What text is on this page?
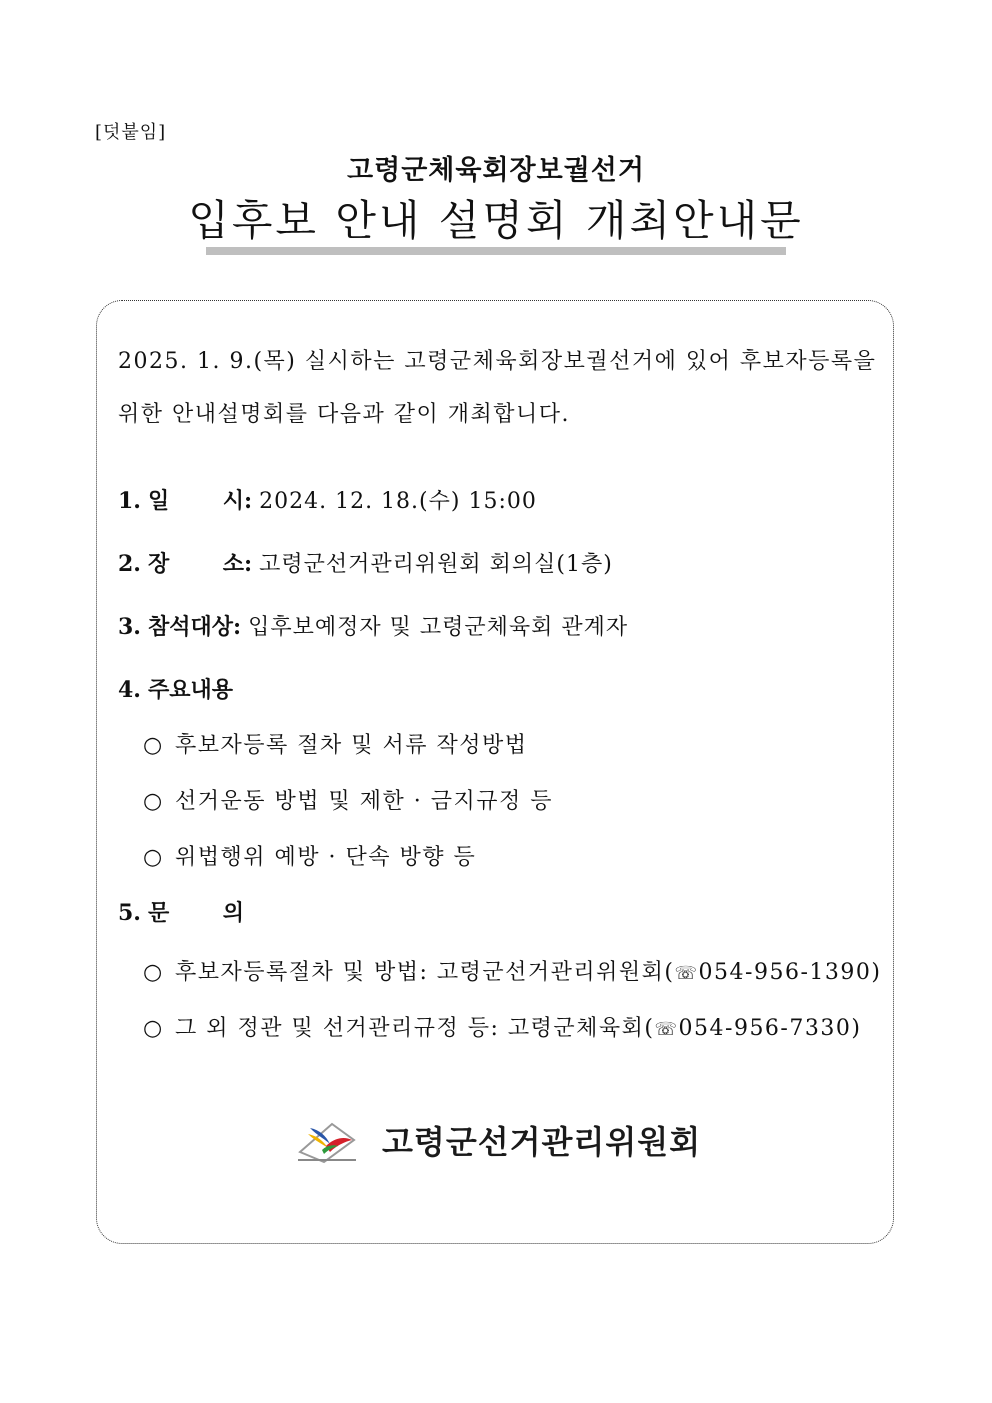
[덧붙임]
고령군체육회장보궐선거
입후보 안내 설명회 개최안내문
2025. 1. 9.(목) 실시하는 고령군체육회장보궐선거에 있어 후보자등록을
위한 안내설명회를 다음과 같이 개최합니다.
1. 일 시 : 2024. 12. 18.(수) 15:00
2. 장 소 : 고령군선거관리위원회 회의실(1층)
3. 참석대상: 입후보예정자 및 고령군체육회 관계자
4. 주요내용
○ 후보자등록 절차 및 서류 작성방법
○ 선거운동 방법 및 제한 · 금지규정 등
○ 위법행위 예방 · 단속 방향 등
5. 문 의
○ 후보자등록절차 및 방법: 고령군선거관리위원회(☏054-956-1390)
○ 그 외 정관 및 선거관리규정 등: 고령군체육회(☏054-956-7330)
고령군선거관리위원회
